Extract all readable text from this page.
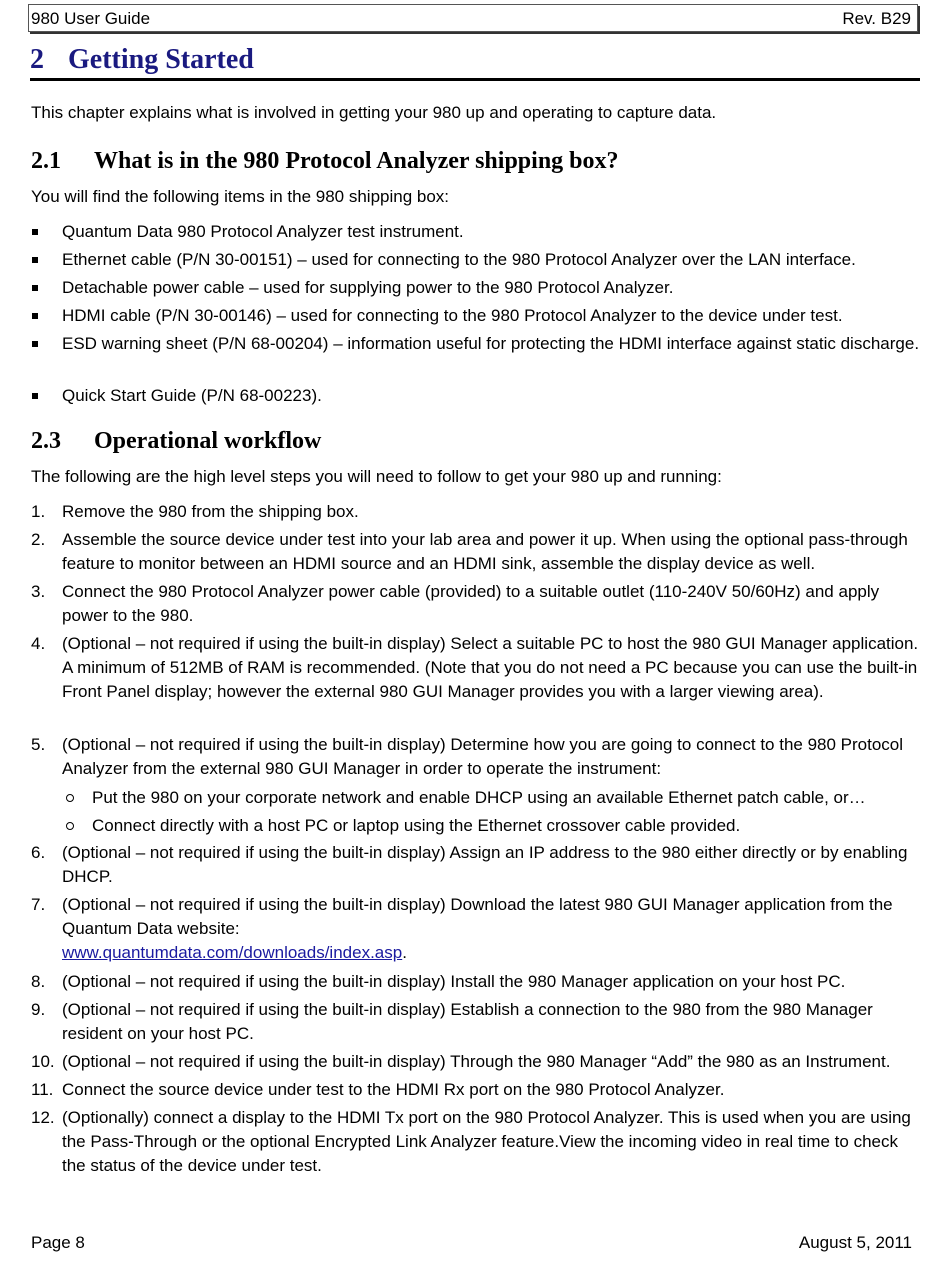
980 User Guide	Rev. B29
2 Getting Started
This chapter explains what is involved in getting your 980 up and operating to capture data.
2.1 What is in the 980 Protocol Analyzer shipping box?
You will find the following items in the 980 shipping box:
Quantum Data 980 Protocol Analyzer test instrument.
Ethernet cable (P/N 30-00151) – used for connecting to the 980 Protocol Analyzer over the LAN interface.
Detachable power cable – used for supplying power to the 980 Protocol Analyzer.
HDMI cable (P/N 30-00146) – used for connecting to the 980 Protocol Analyzer to the device under test.
ESD warning sheet (P/N 68-00204) – information useful for protecting the HDMI interface against static discharge.
Quick Start Guide (P/N 68-00223).
2.3 Operational workflow
The following are the high level steps you will need to follow to get your 980 up and running:
1. Remove the 980 from the shipping box.
2. Assemble the source device under test into your lab area and power it up. When using the optional pass-through feature to monitor between an HDMI source and an HDMI sink, assemble the display device as well.
3. Connect the 980 Protocol Analyzer power cable (provided) to a suitable outlet (110-240V 50/60Hz) and apply power to the 980.
4. (Optional – not required if using the built-in display) Select a suitable PC to host the 980 GUI Manager application. A minimum of 512MB of RAM is recommended. (Note that you do not need a PC because you can use the built-in Front Panel display; however the external 980 GUI Manager provides you with a larger viewing area).
5. (Optional – not required if using the built-in display) Determine how you are going to connect to the 980 Protocol Analyzer from the external 980 GUI Manager in order to operate the instrument:
Put the 980 on your corporate network and enable DHCP using an available Ethernet patch cable, or…
Connect directly with a host PC or laptop using the Ethernet crossover cable provided.
6. (Optional – not required if using the built-in display) Assign an IP address to the 980 either directly or by enabling DHCP.
7. (Optional – not required if using the built-in display) Download the latest 980 GUI Manager application from the Quantum Data website:
www.quantumdata.com/downloads/index.asp.
8. (Optional – not required if using the built-in display) Install the 980 Manager application on your host PC.
9. (Optional – not required if using the built-in display) Establish a connection to the 980 from the 980 Manager resident on your host PC.
10. (Optional – not required if using the built-in display) Through the 980 Manager “Add” the 980 as an Instrument.
11. Connect the source device under test to the HDMI Rx port on the 980 Protocol Analyzer.
12. (Optionally) connect a display to the HDMI Tx port on the 980 Protocol Analyzer. This is used when you are using the Pass-Through or the optional Encrypted Link Analyzer feature.View the incoming video in real time to check the status of the device under test.
Page 8	August 5, 2011
